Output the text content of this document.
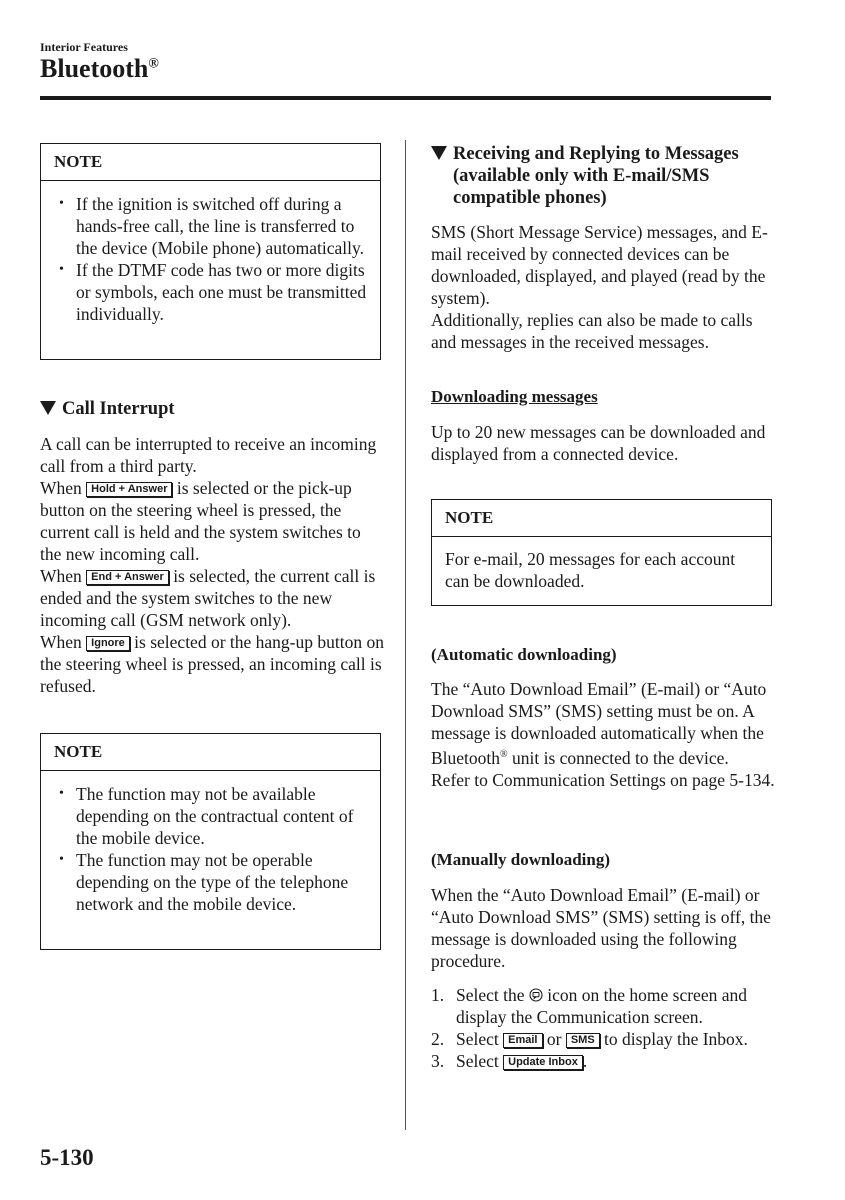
Interior Features
Bluetooth®
NOTE
• If the ignition is switched off during a hands-free call, the line is transferred to the device (Mobile phone) automatically.
• If the DTMF code has two or more digits or symbols, each one must be transmitted individually.
Call Interrupt

A call can be interrupted to receive an incoming call from a third party.

When Hold + Answer is selected or the pick-up button on the steering wheel is pressed, the current call is held and the system switches to the new incoming call.

When End + Answer is selected, the current call is ended and the system switches to the new incoming call (GSM network only).

When Ignore is selected or the hang-up button on the steering wheel is pressed, an incoming call is refused.

NOTE
• The function may not be available depending on the contractual content of the mobile device.
• The function may not be operable depending on the type of the telephone network and the mobile device.
Receiving and Replying to Messages (available only with E-mail/SMS compatible phones)

SMS (Short Message Service) messages, and E-mail received by connected devices can be downloaded, displayed, and played (read by the system).

Additionally, replies can also be made to calls and messages in the received messages.

Downloading messages

Up to 20 new messages can be downloaded and displayed from a connected device.

NOTE

For e-mail, 20 messages for each account can be downloaded.

(Automatic downloading)

The “Auto Download Email” (E-mail) or “Auto Download SMS” (SMS) setting must be on. A message is downloaded automatically when the Bluetooth® unit is connected to the device.

Refer to Communication Settings on page 5-134.

(Manually downloading)

When the “Auto Download Email” (E-mail) or “Auto Download SMS” (SMS) setting is off, the message is downloaded using the following procedure.

1. Select the  icon on the home screen and display the Communication screen.
2. Select Email or SMS to display the Inbox.
3. Select Update Inbox .

5-130
